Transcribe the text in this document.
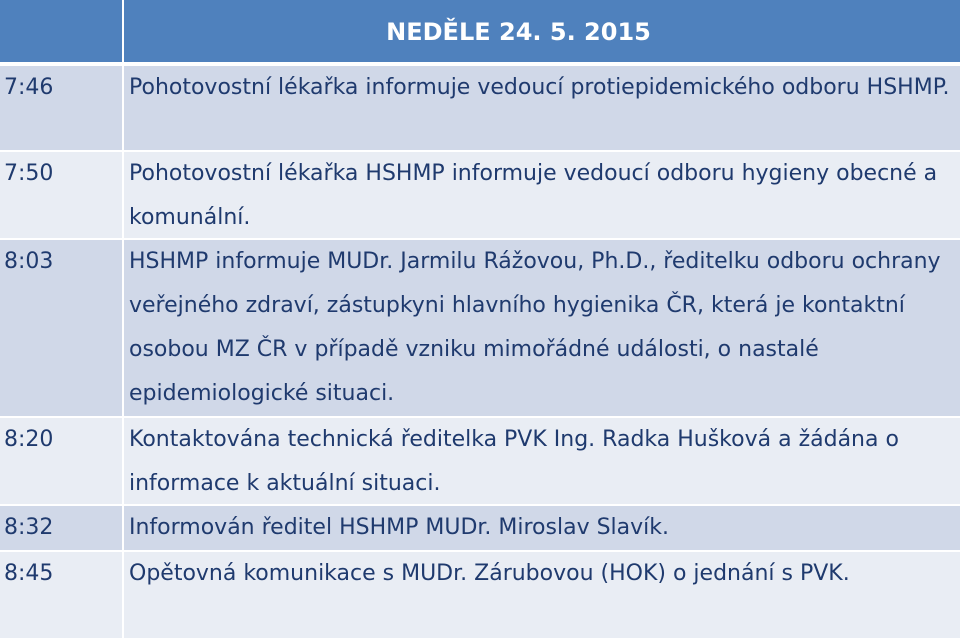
NEDĚLE 24. 5. 2015
7:46	Pohotovostní lékařka informuje vedoucí protiepidemického odboru HSHMP.
7:50	Pohotovostní lékařka HSHMP informuje vedoucí odboru hygieny obecné a komunální.
8:03	HSHMP informuje MUDr. Jarmilu Rážovou, Ph.D., ředitelku odboru ochrany veřejného zdraví, zástupkyni hlavního hygienika ČR, která je kontaktní osobou MZ ČR v případě vzniku mimořádné události, o nastalé epidemiologické situaci.
8:20	Kontaktována technická ředitelka PVK Ing. Radka Hušková a žádána o informace k aktuální situaci.
8:32	Informován ředitel HSHMP MUDr. Miroslav Slavík.
8:45	Opětovná komunikace s MUDr. Zárubovou (HOK) o jednání s PVK.
